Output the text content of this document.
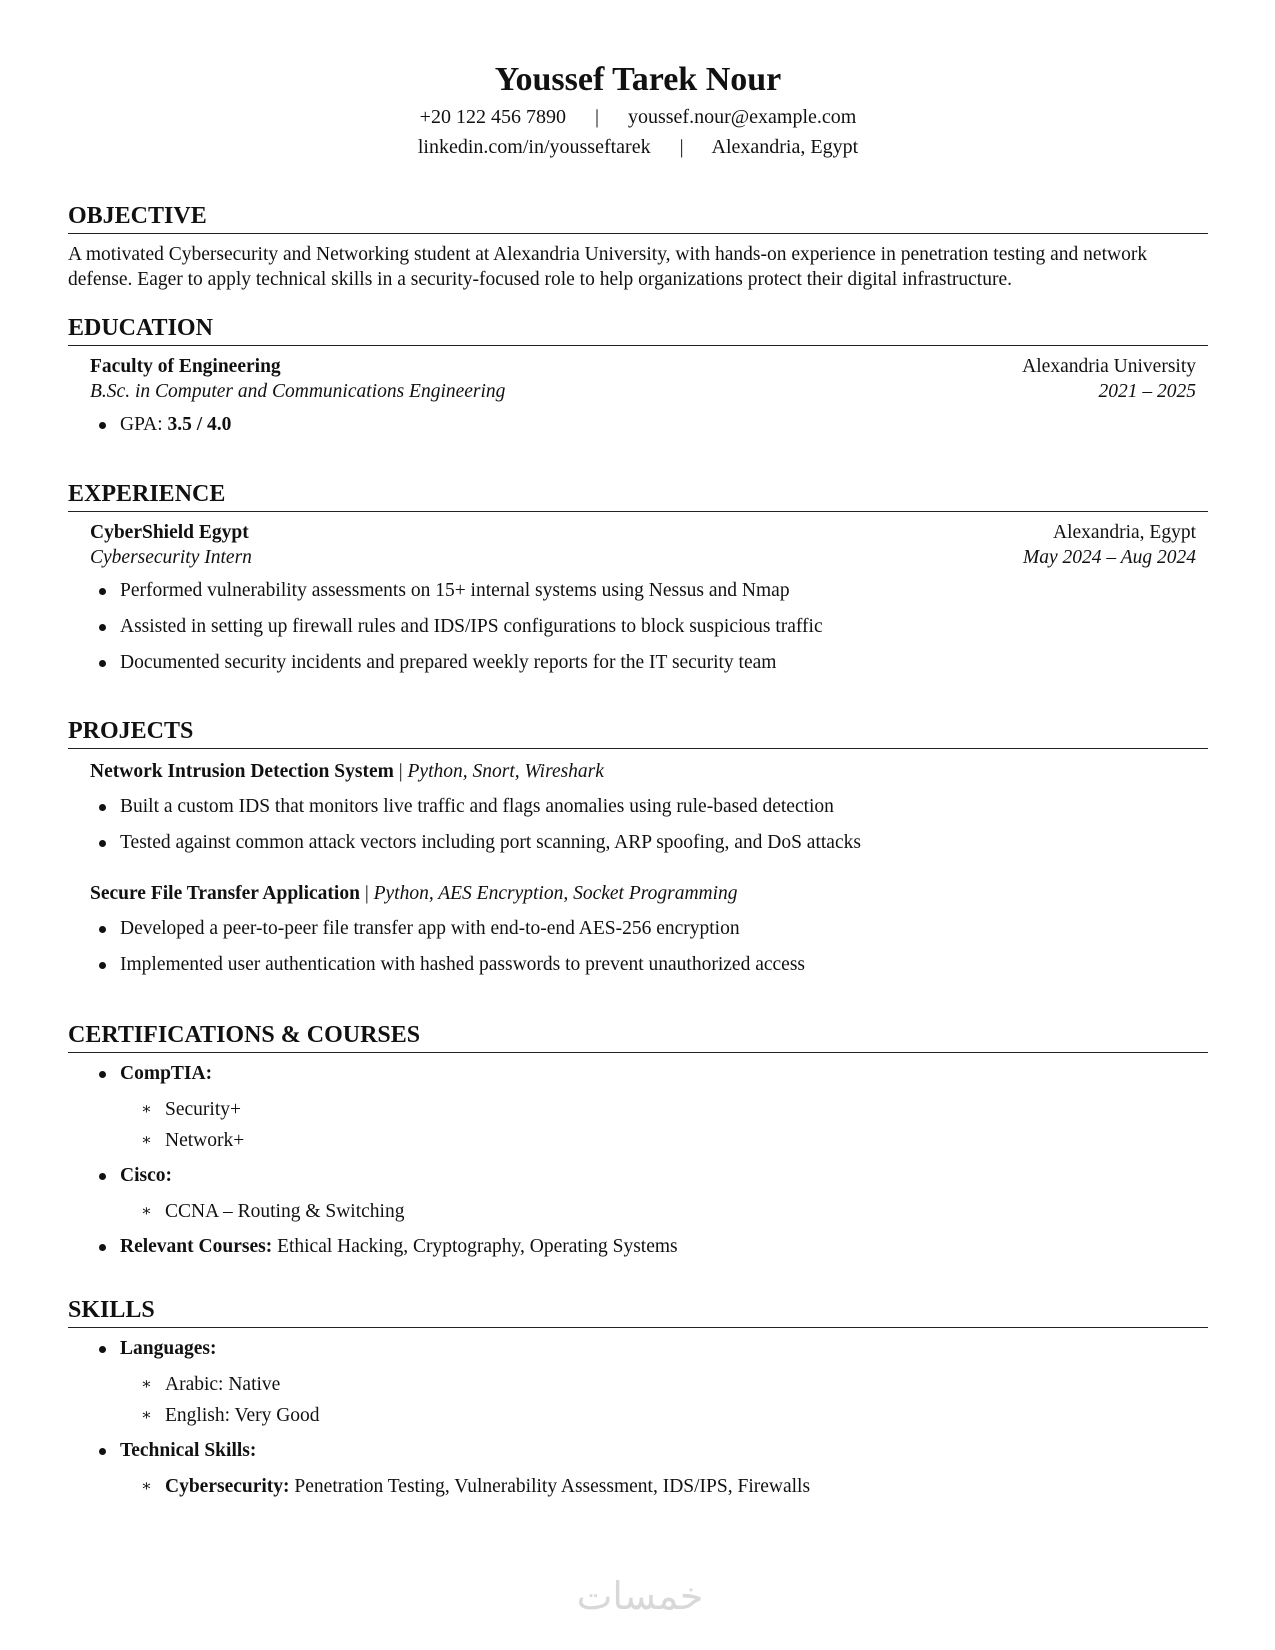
Youssef Tarek Nour
+20 122 456 7890 | youssef.nour@example.com
linkedin.com/in/yousseftarek | Alexandria, Egypt
OBJECTIVE
A motivated Cybersecurity and Networking student at Alexandria University, with hands-on experience in penetration testing and network defense. Eager to apply technical skills in a security-focused role to help organizations protect their digital infrastructure.
EDUCATION
Faculty of Engineering	Alexandria University
B.Sc. in Computer and Communications Engineering	2021 – 2025
GPA: 3.5 / 4.0
EXPERIENCE
CyberShield Egypt	Alexandria, Egypt
Cybersecurity Intern	May 2024 – Aug 2024
Performed vulnerability assessments on 15+ internal systems using Nessus and Nmap
Assisted in setting up firewall rules and IDS/IPS configurations to block suspicious traffic
Documented security incidents and prepared weekly reports for the IT security team
PROJECTS
Network Intrusion Detection System | Python, Snort, Wireshark
Built a custom IDS that monitors live traffic and flags anomalies using rule-based detection
Tested against common attack vectors including port scanning, ARP spoofing, and DoS attacks
Secure File Transfer Application | Python, AES Encryption, Socket Programming
Developed a peer-to-peer file transfer app with end-to-end AES-256 encryption
Implemented user authentication with hashed passwords to prevent unauthorized access
CERTIFICATIONS & COURSES
CompTIA:
∗ Security+
∗ Network+
Cisco:
∗ CCNA – Routing & Switching
Relevant Courses: Ethical Hacking, Cryptography, Operating Systems
SKILLS
Languages:
∗ Arabic: Native
∗ English: Very Good
Technical Skills:
∗ Cybersecurity: Penetration Testing, Vulnerability Assessment, IDS/IPS, Firewalls
خمسات
